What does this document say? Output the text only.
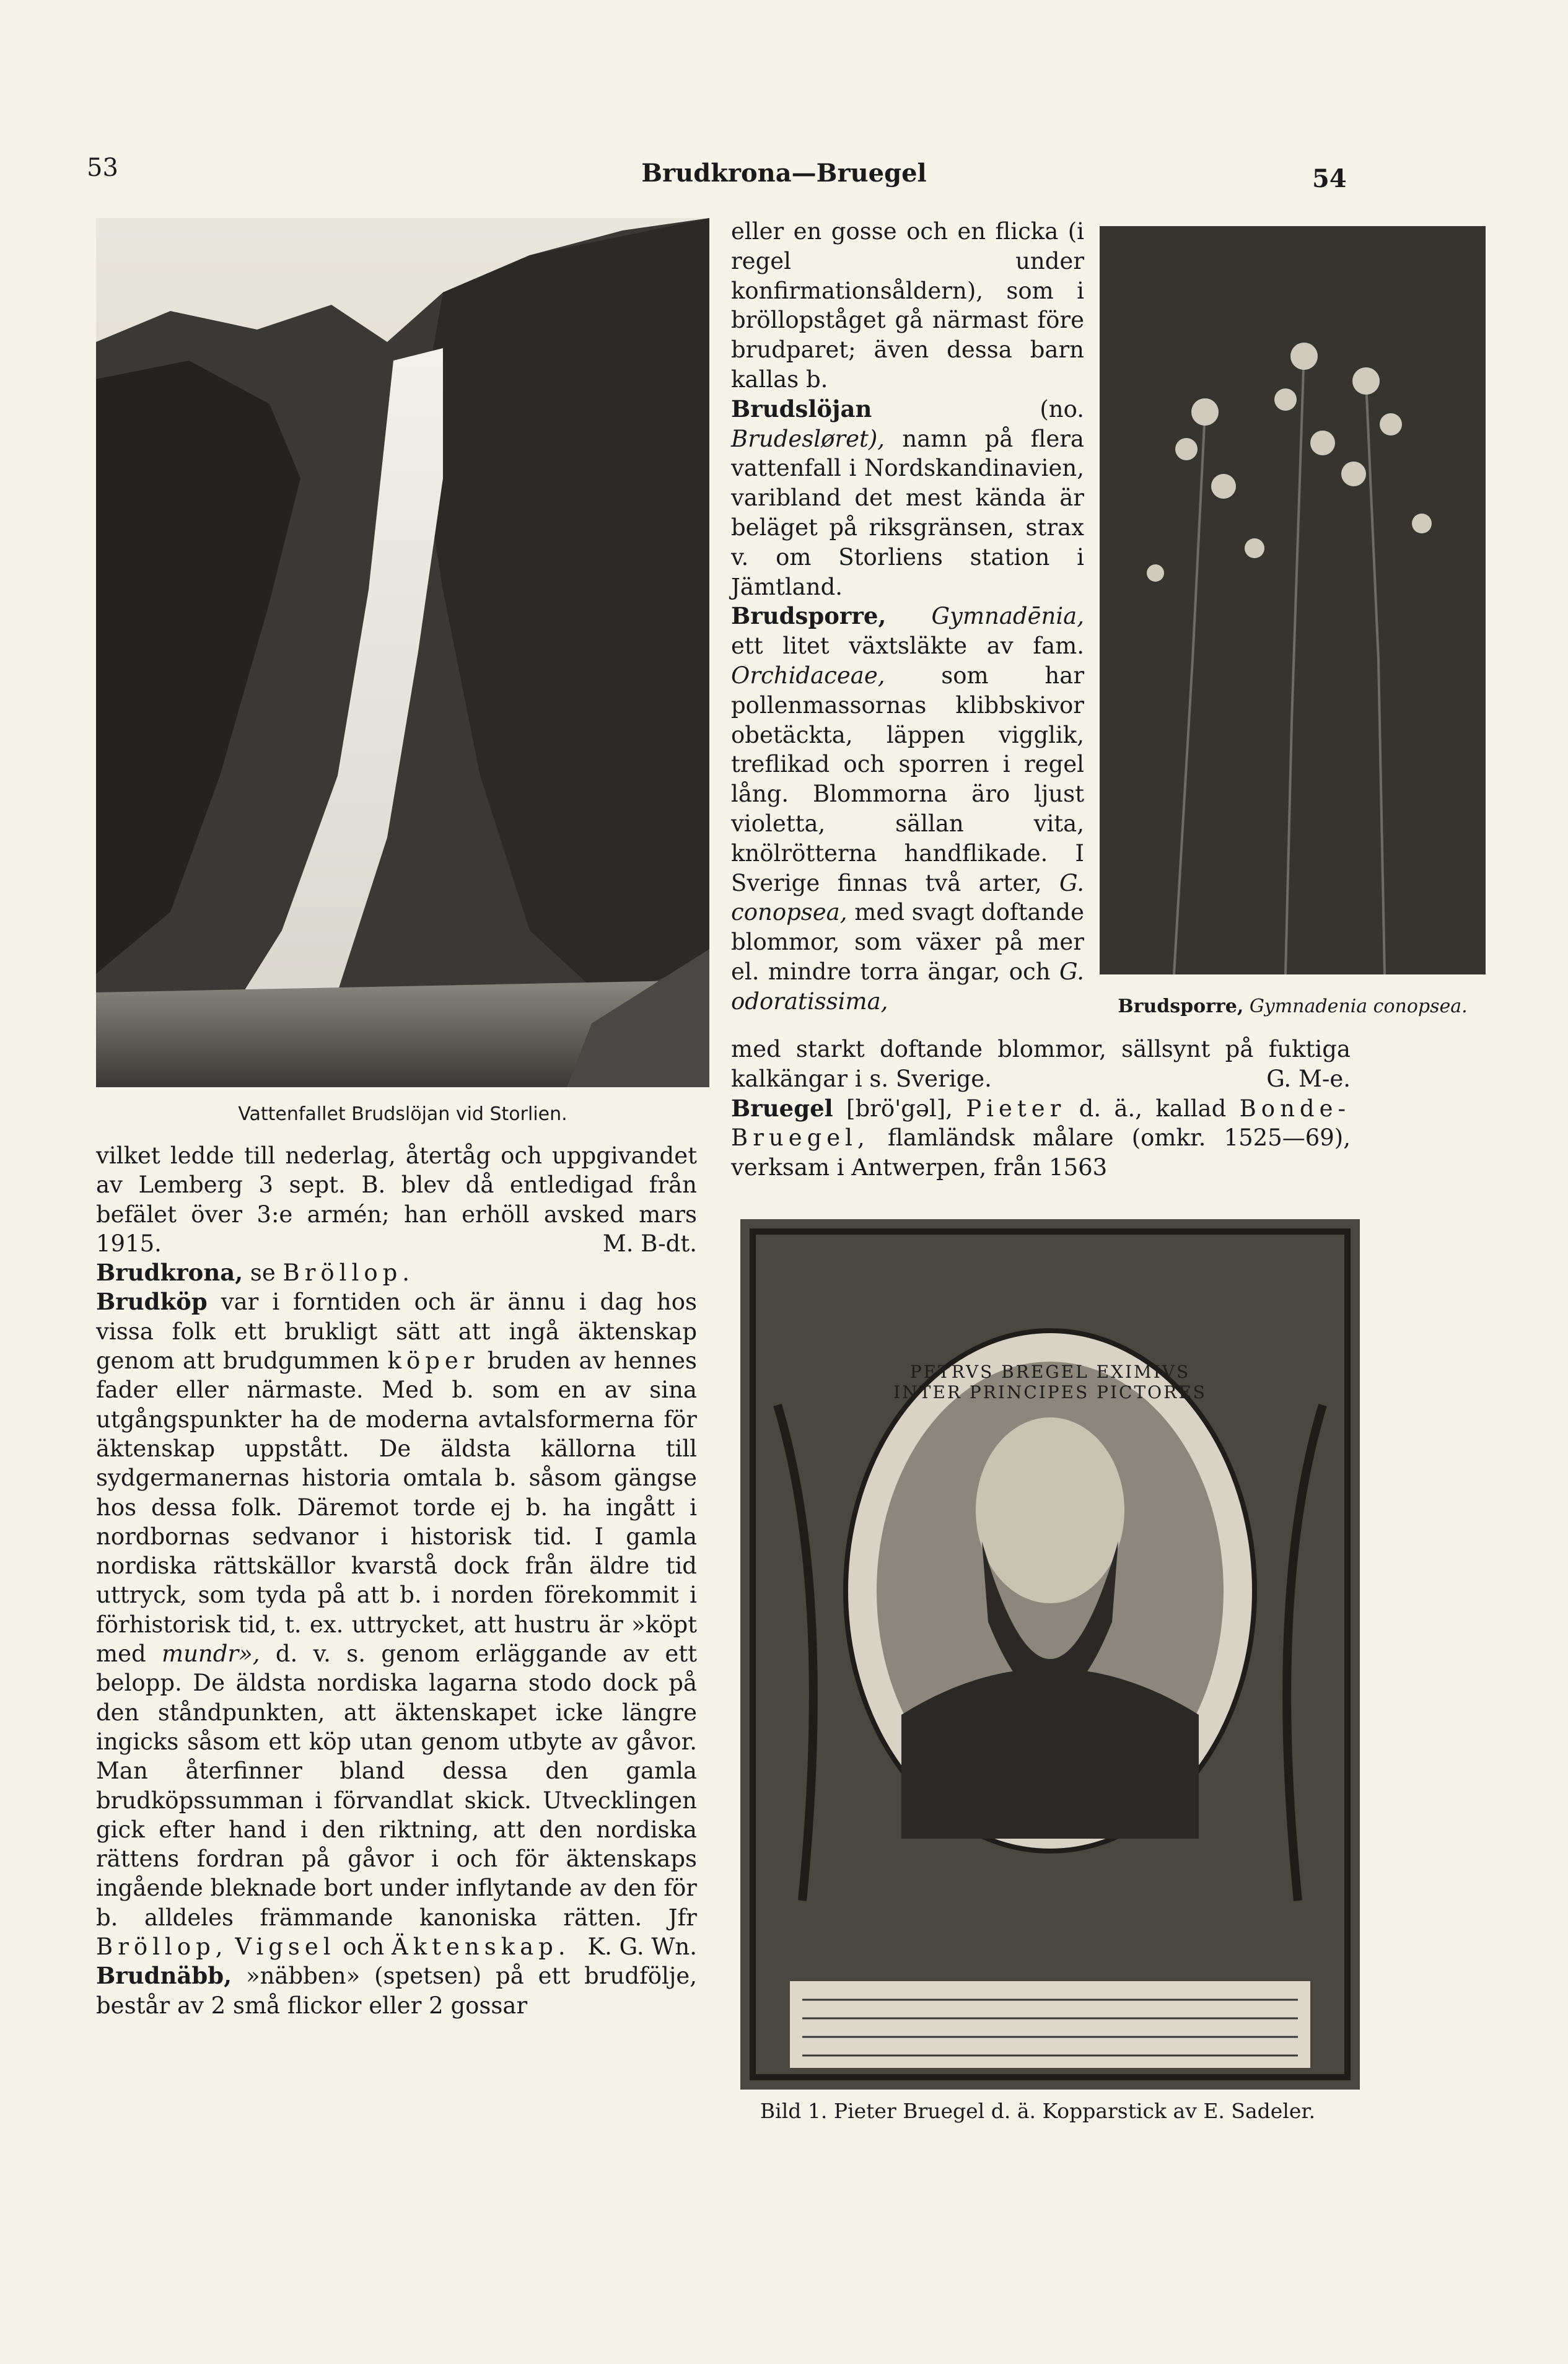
53	Brudkrona—Bruegel	54
Vattenfallet Brudslöjan vid Storlien.
Brudsporre, Gymnadenia conopsea.
PETRVS BREGEL EXIMIVS INTER PRINCIPES PICTORES
Bild 1. Pieter Bruegel d. ä. Kopparstick av E. Sadeler.

eller en gosse och en flicka (i regel under konfirmationsåldern), som i bröllopståget gå närmast före brudparet; även dessa barn kallas b.

Brudslöjan	(no. Brudesløret), namn på flera vattenfall i Nordskandinavien, varibland det mest kända är beläget på riksgränsen, strax v. om Storliens station i Jämtland.

Brudsporre, Gymnadēnia, ett litet växtsläkte av fam. Orchidaceae, som har pollenmassornas klibbskivor obetäckta, läppen vigglik, treflikad och sporren i regel lång. Blommorna äro ljust violetta, sällan vita, knölrötterna handflikade. I Sverige finnas två arter, G. conopsea, med svagt doftande blommor, som växer på mer el. mindre torra ängar, och G. odoratissima,

med starkt doftande blommor, sällsynt på fuktiga kalkängar i s. Sverige.	G. M-e.

Bruegel [brö'gəl], Pieter d. ä., kallad Bonde-Bruegel, flamländsk målare (omkr. 1525—69), verksam i Antwerpen, från 1563

vilket ledde till nederlag, återtåg och uppgivandet av Lemberg 3 sept. B. blev då entledigad från befälet över 3:e armén; han erhöll avsked mars 1915.	M. B-dt.

Brudkrona, se Bröllop.

Brudköp var i forntiden och är ännu i dag hos vissa folk ett brukligt sätt att ingå äktenskap genom att brudgummen köper bruden av hennes fader eller närmaste. Med b. som en av sina utgångspunkter ha de moderna avtalsformerna för äktenskap uppstått. De äldsta källorna till sydgermanernas historia omtala b. såsom gängse hos dessa folk. Däremot torde ej b. ha ingått i nordbornas sedvanor i historisk tid. I gamla nordiska rättskällor kvarstå dock från äldre tid uttryck, som tyda på att b. i norden förekommit i förhistorisk tid, t. ex. uttrycket, att hustru är »köpt med mundr», d. v. s. genom erläggande av ett belopp. De äldsta nordiska lagarna stodo dock på den ståndpunkten, att äktenskapet icke längre ingicks såsom ett köp utan genom utbyte av gåvor. Man återfinner bland dessa den gamla brudköpssumman i förvandlat skick. Utvecklingen gick efter hand i den riktning, att den nordiska rättens fordran på gåvor i och för äktenskaps ingående bleknade bort under inflytande av den för b. alldeles främmande kanoniska rätten. Jfr Bröllop, Vigsel och Äktenskap. K. G. Wn.

Brudnäbb, »näbben» (spetsen) på ett brudfölje, består av 2 små flickor eller 2 gossar
